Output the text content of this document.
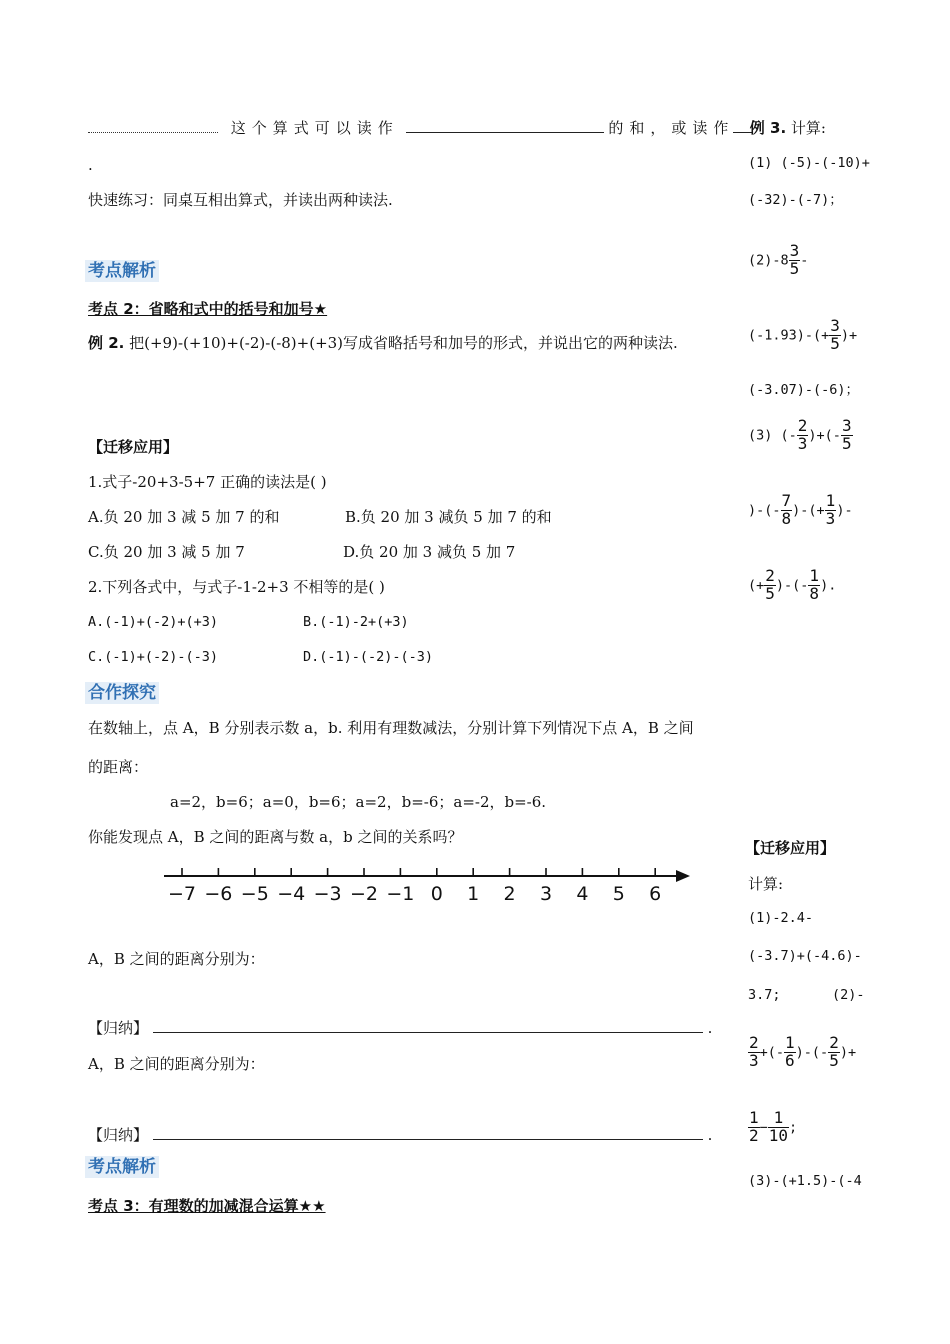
这个算式可以读作	的和，或读作
.
快速练习：同桌互相出算式，并读出两种读法.
考点解析
考点 2：省略和式中的括号和加号★
例 2. 把(+9)-(+10)+(-2)-(-8)+(+3)写成省略括号和加号的形式，并说出它的两种读法.
【迁移应用】
1.式子-20+3-5+7 正确的读法是( )
A.负 20 加 3 减 5 加 7 的和	B.负 20 加 3 减负 5 加 7 的和
C.负 20 加 3 减 5 加 7	D.负 20 加 3 减负 5 加 7
2.下列各式中，与式子-1-2+3 不相等的是( )
A.(-1)+(-2)+(+3)	B.(-1)-2+(+3)
C.(-1)+(-2)-(-3)	D.(-1)-(-2)-(-3)
合作探究
在数轴上，点 A，B 分别表示数 a，b. 利用有理数减法，分别计算下列情况下点 A，B 之间
的距离：
a=2，b=6；a=0，b=6；a=2，b=-6；a=-2，b=-6.
你能发现点 A，B 之间的距离与数 a，b 之间的关系吗？
−7 −6 −5 −4 −3 −2 −1 0 1 2 3 4 5 6
A，B 之间的距离分别为：
【归纳】	.
A，B 之间的距离分别为：
【归纳】	.
考点解析
考点 3：有理数的加减混合运算★★
例 3. 计算:
(1) (-5)-(-10)+
(-32)-(-7)；
$(2)-8 \frac{3}{5}$ -
$(-1.93)-(+ \frac{3}{5}$ )+
(-3.07)-(-6)；
(3) (- $\frac{2}{3}$ )+(- $\frac{3}{5}$
)-(- $\frac{7}{8}$ )-(+ $\frac{1}{3}$ )-
(+ $\frac{2}{5}$ )-(- $\frac{1}{8}$ ).
【迁移应用】
计算:
(1)-2.4-
(-3.7)+(-4.6)-
3.7;	(2)-
$\frac{2}{3}$ +(- $\frac{1}{6}$ )-(- $\frac{2}{5}$ )+
$\frac{1}{2} - \frac{1}{10}$ ;
(3)-(+1.5)-(-4
